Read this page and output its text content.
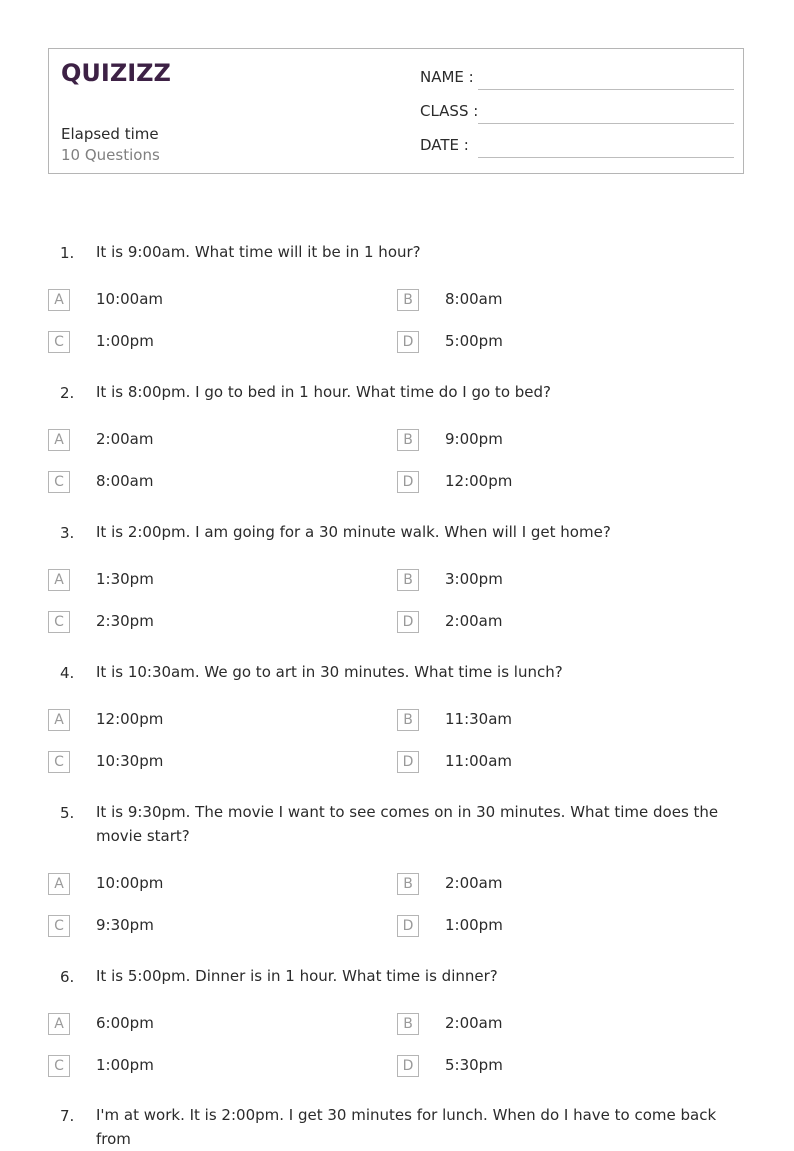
QUIZIZZ
Elapsed time
10 Questions
NAME :
CLASS :
DATE :
1. It is 9:00am. What time will it be in 1 hour?
A	10:00am	B	8:00am
C	1:00pm	D	5:00pm
2. It is 8:00pm. I go to bed in 1 hour. What time do I go to bed?
A	2:00am	B	9:00pm
C	8:00am	D	12:00pm
3. It is 2:00pm. I am going for a 30 minute walk. When will I get home?
A	1:30pm	B	3:00pm
C	2:30pm	D	2:00am
4. It is 10:30am. We go to art in 30 minutes. What time is lunch?
A	12:00pm	B	11:30am
C	10:30pm	D	11:00am
5. It is 9:30pm. The movie I want to see comes on in 30 minutes. What time does the movie start?
A	10:00pm	B	2:00am
C	9:30pm	D	1:00pm
6. It is 5:00pm. Dinner is in 1 hour. What time is dinner?
A	6:00pm	B	2:00am
C	1:00pm	D	5:30pm
7. I'm at work. It is 2:00pm. I get 30 minutes for lunch. When do I have to come back from
